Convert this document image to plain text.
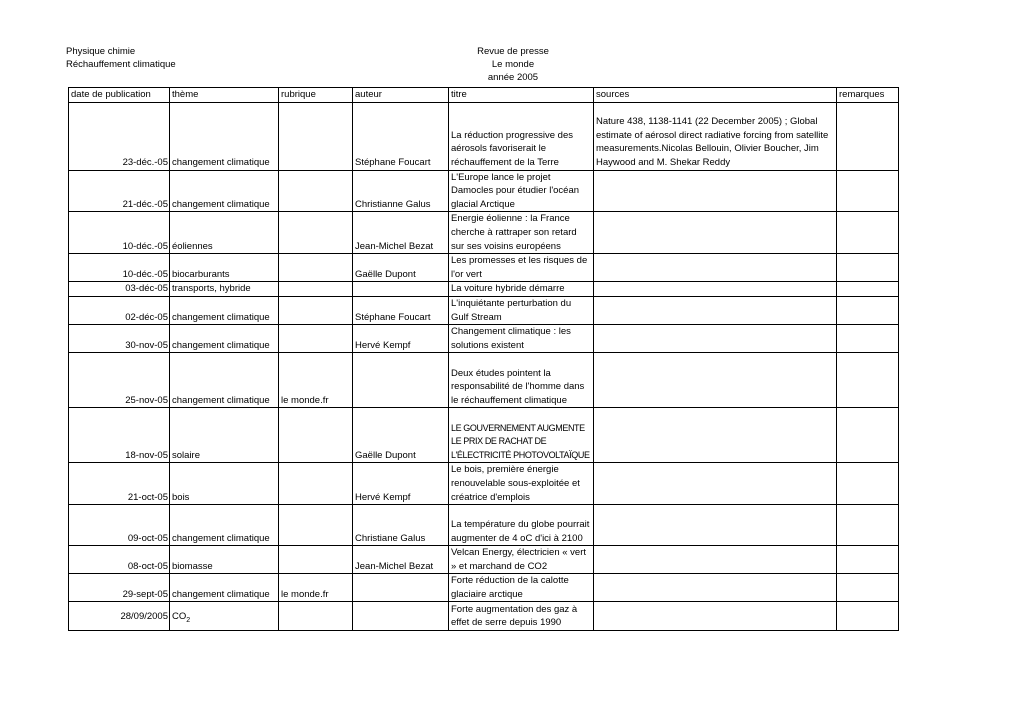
Physique chimie
Réchauffement climatique
Revue de presse
Le monde
année 2005
date de publication	thème	rubrique	auteur	titre	sources	remarques
23-déc.-05	changement climatique		Stéphane Foucart	La réduction progressive des aérosols favoriserait le réchauffement de la Terre	Nature 438, 1138-1141 (22 December 2005) ; Global estimate of aérosol direct radiative forcing from satellite measurements.Nicolas Bellouin, Olivier Boucher, Jim Haywood and M. Shekar Reddy	
21-déc.-05	changement climatique		Christianne Galus	L'Europe lance le projet Damocles pour étudier l'océan glacial Arctique		
10-déc.-05	éoliennes		Jean-Michel Bezat	Energie éolienne : la France cherche à rattraper son retard sur ses voisins européens		
10-déc.-05	biocarburants		Gaëlle Dupont	Les promesses et les risques de l'or vert		
03-déc-05	transports, hybride			La voiture hybride démarre		
02-déc-05	changement climatique		Stéphane Foucart	L'inquiétante perturbation du Gulf Stream		
30-nov-05	changement climatique		Hervé Kempf	Changement climatique : les solutions existent		
25-nov-05	changement climatique	le monde.fr		Deux études pointent la responsabilité de l'homme dans le réchauffement climatique		
18-nov-05	solaire		Gaëlle Dupont	LE GOUVERNEMENT AUGMENTE LE PRIX DE RACHAT DE L'ÉLECTRICITÉ PHOTOVOLTAÏQUE		
21-oct-05	bois		Hervé Kempf	Le bois, première énergie renouvelable sous-exploitée et créatrice d'emplois		
09-oct-05	changement climatique		Christiane Galus	La température du globe pourrait augmenter de 4 oC d'ici à 2100		
08-oct-05	biomasse		Jean-Michel Bezat	Velcan Energy, électricien « vert » et marchand de CO2		
29-sept-05	changement climatique	le monde.fr		Forte réduction de la calotte glaciaire arctique		
28/09/2005	$CO_2$			Forte augmentation des gaz à effet de serre depuis 1990		
